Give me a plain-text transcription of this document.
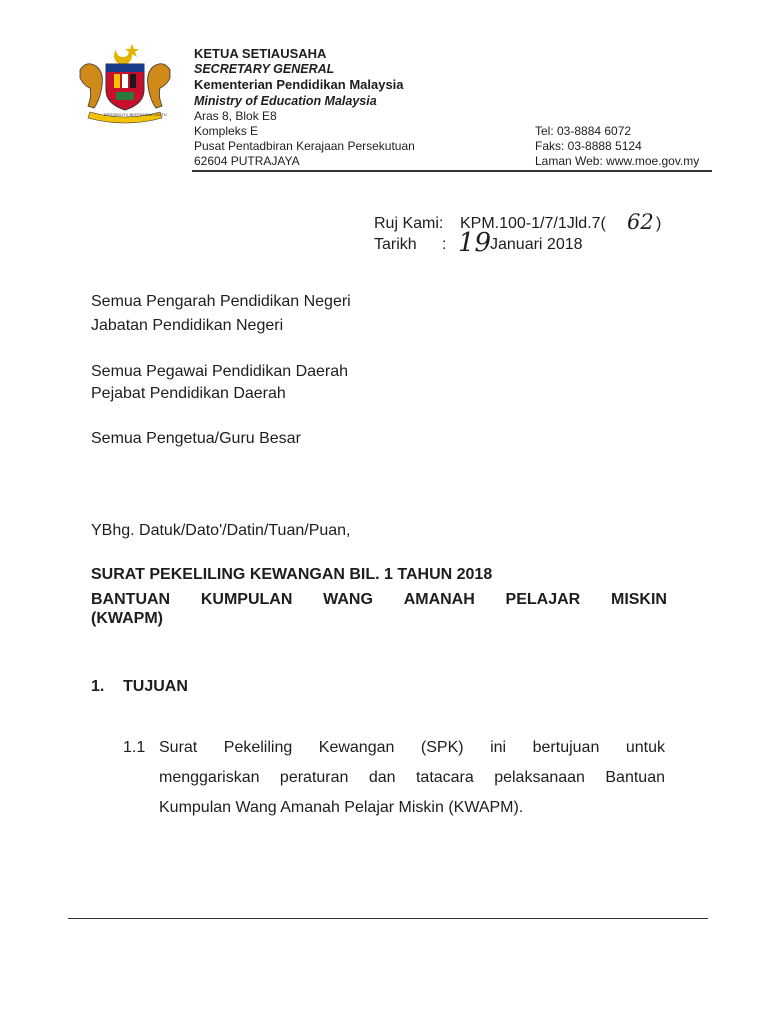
BERSEKUTU BERTAMBAH MUTU
KETUA SETIAUSAHA
SECRETARY GENERAL
Kementerian Pendidikan Malaysia
Ministry of Education Malaysia
Aras 8, Blok E8
Kompleks E
Pusat Pentadbiran Kerajaan Persekutuan
62604 PUTRAJAYA
Tel: 03-8884 6072
Faks: 03-8888 5124
Laman Web: www.moe.gov.my
Ruj Kami: KPM.100-1/7/1Jld.7( 62 )
Tarikh : 19
Januari 2018
Semua Pengarah Pendidikan Negeri
Jabatan Pendidikan Negeri
Semua Pegawai Pendidikan Daerah
Pejabat Pendidikan Daerah
Semua Pengetua/Guru Besar
YBhg. Datuk/Dato'/Datin/Tuan/Puan,
SURAT PEKELILING KEWANGAN BIL. 1 TAHUN 2018
BANTUAN KUMPULAN WANG AMANAH PELAJAR MISKIN
(KWAPM)
1. TUJUAN
1.1 Surat Pekeliling Kewangan (SPK) ini bertujuan untuk
menggariskan peraturan dan tatacara pelaksanaan Bantuan
Kumpulan Wang Amanah Pelajar Miskin (KWAPM).
